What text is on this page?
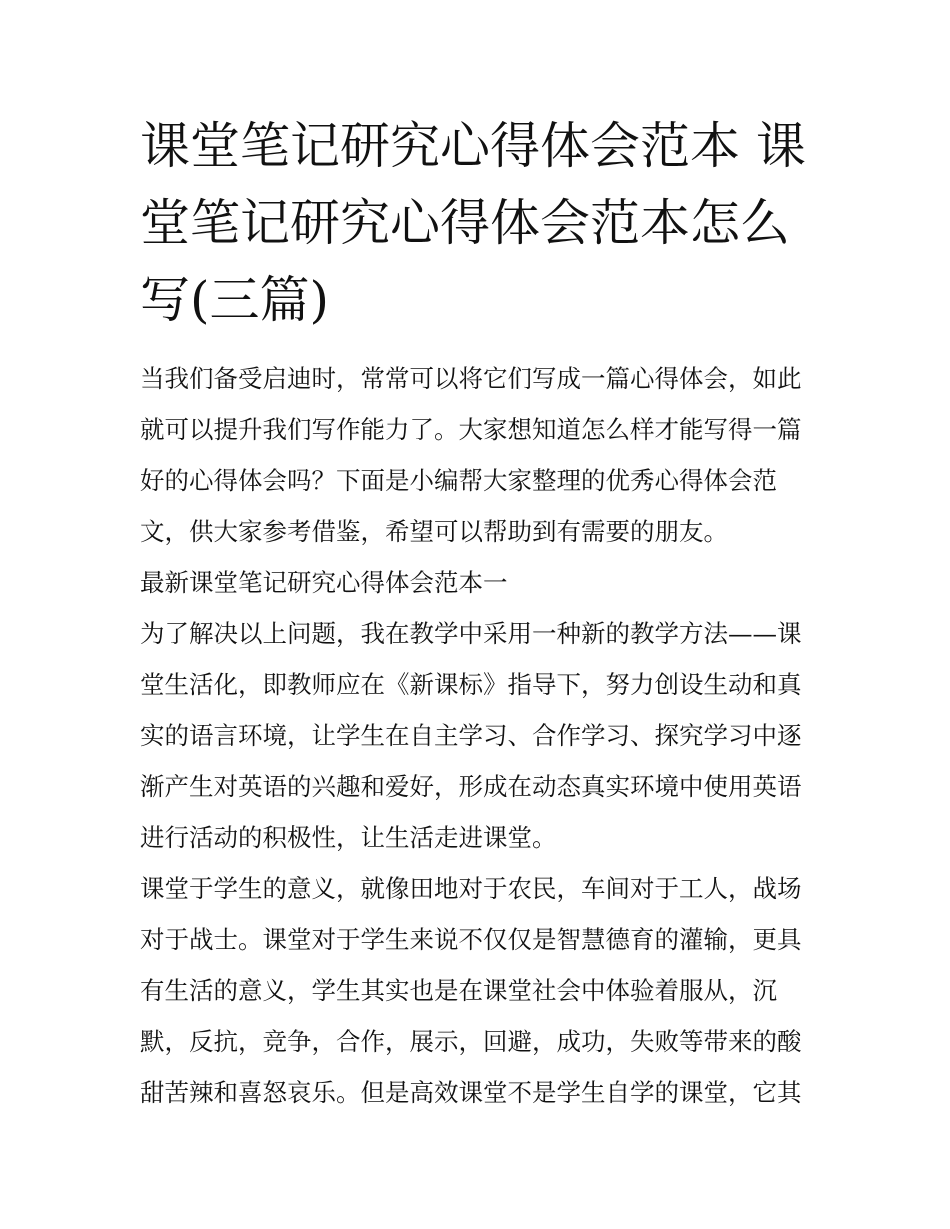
课堂笔记研究心得体会范本 课堂笔记研究心得体会范本怎么写(三篇)

当我们备受启迪时，常常可以将它们写成一篇心得体会，如此就可以提升我们写作能力了。大家想知道怎么样才能写得一篇好的心得体会吗？下面是小编帮大家整理的优秀心得体会范文，供大家参考借鉴，希望可以帮助到有需要的朋友。

最新课堂笔记研究心得体会范本一

为了解决以上问题，我在教学中采用一种新的教学方法——课堂生活化，即教师应在《新课标》指导下，努力创设生动和真实的语言环境，让学生在自主学习、合作学习、探究学习中逐渐产生对英语的兴趣和爱好，形成在动态真实环境中使用英语进行活动的积极性，让生活走进课堂。

课堂于学生的意义，就像田地对于农民，车间对于工人，战场对于战士。课堂对于学生来说不仅仅是智慧德育的灌输，更具有生活的意义，学生其实也是在课堂社会中体验着服从，沉默，反抗，竞争，合作，展示，回避，成功，失败等带来的酸甜苦辣和喜怒哀乐。但是高效课堂不是学生自学的课堂，它其
